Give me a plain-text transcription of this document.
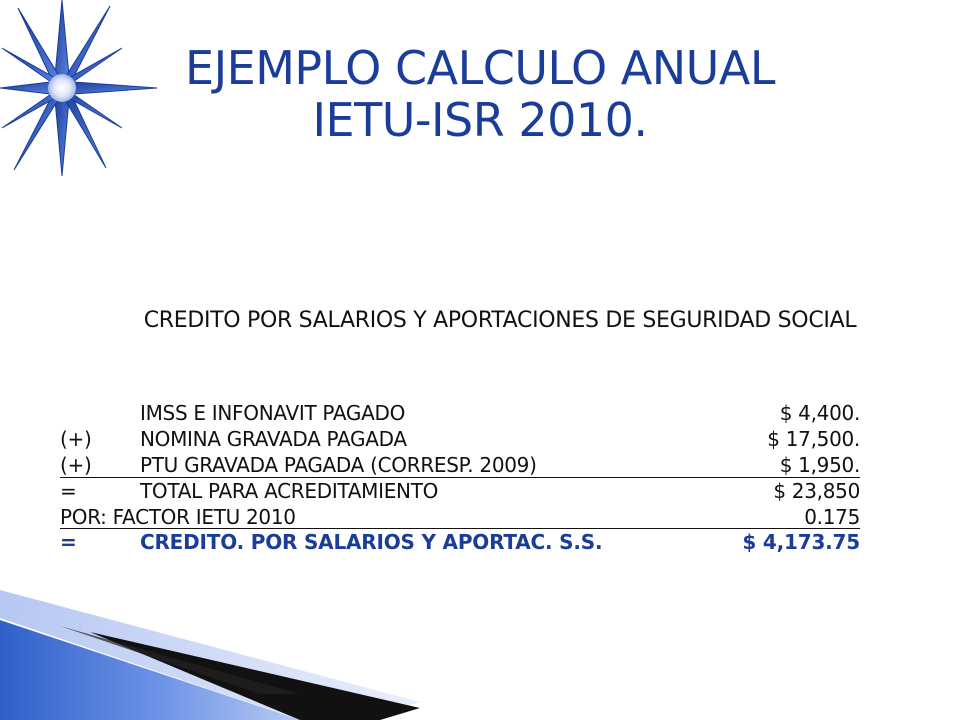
EJEMPLO CALCULO ANUAL
IETU-ISR 2010.
CREDITO POR SALARIOS Y APORTACIONES DE SEGURIDAD SOCIAL
IMSS E INFONAVIT PAGADO	$ 4,400.
(+) NOMINA GRAVADA PAGADA	$ 17,500.
(+) PTU GRAVADA PAGADA (CORRESP. 2009)	$ 1,950.
=	TOTAL PARA ACREDITAMIENTO	$ 23,850
POR: FACTOR IETU 2010	0.175
=	CREDITO. POR SALARIOS Y APORTAC. S.S.	$ 4,173.75
